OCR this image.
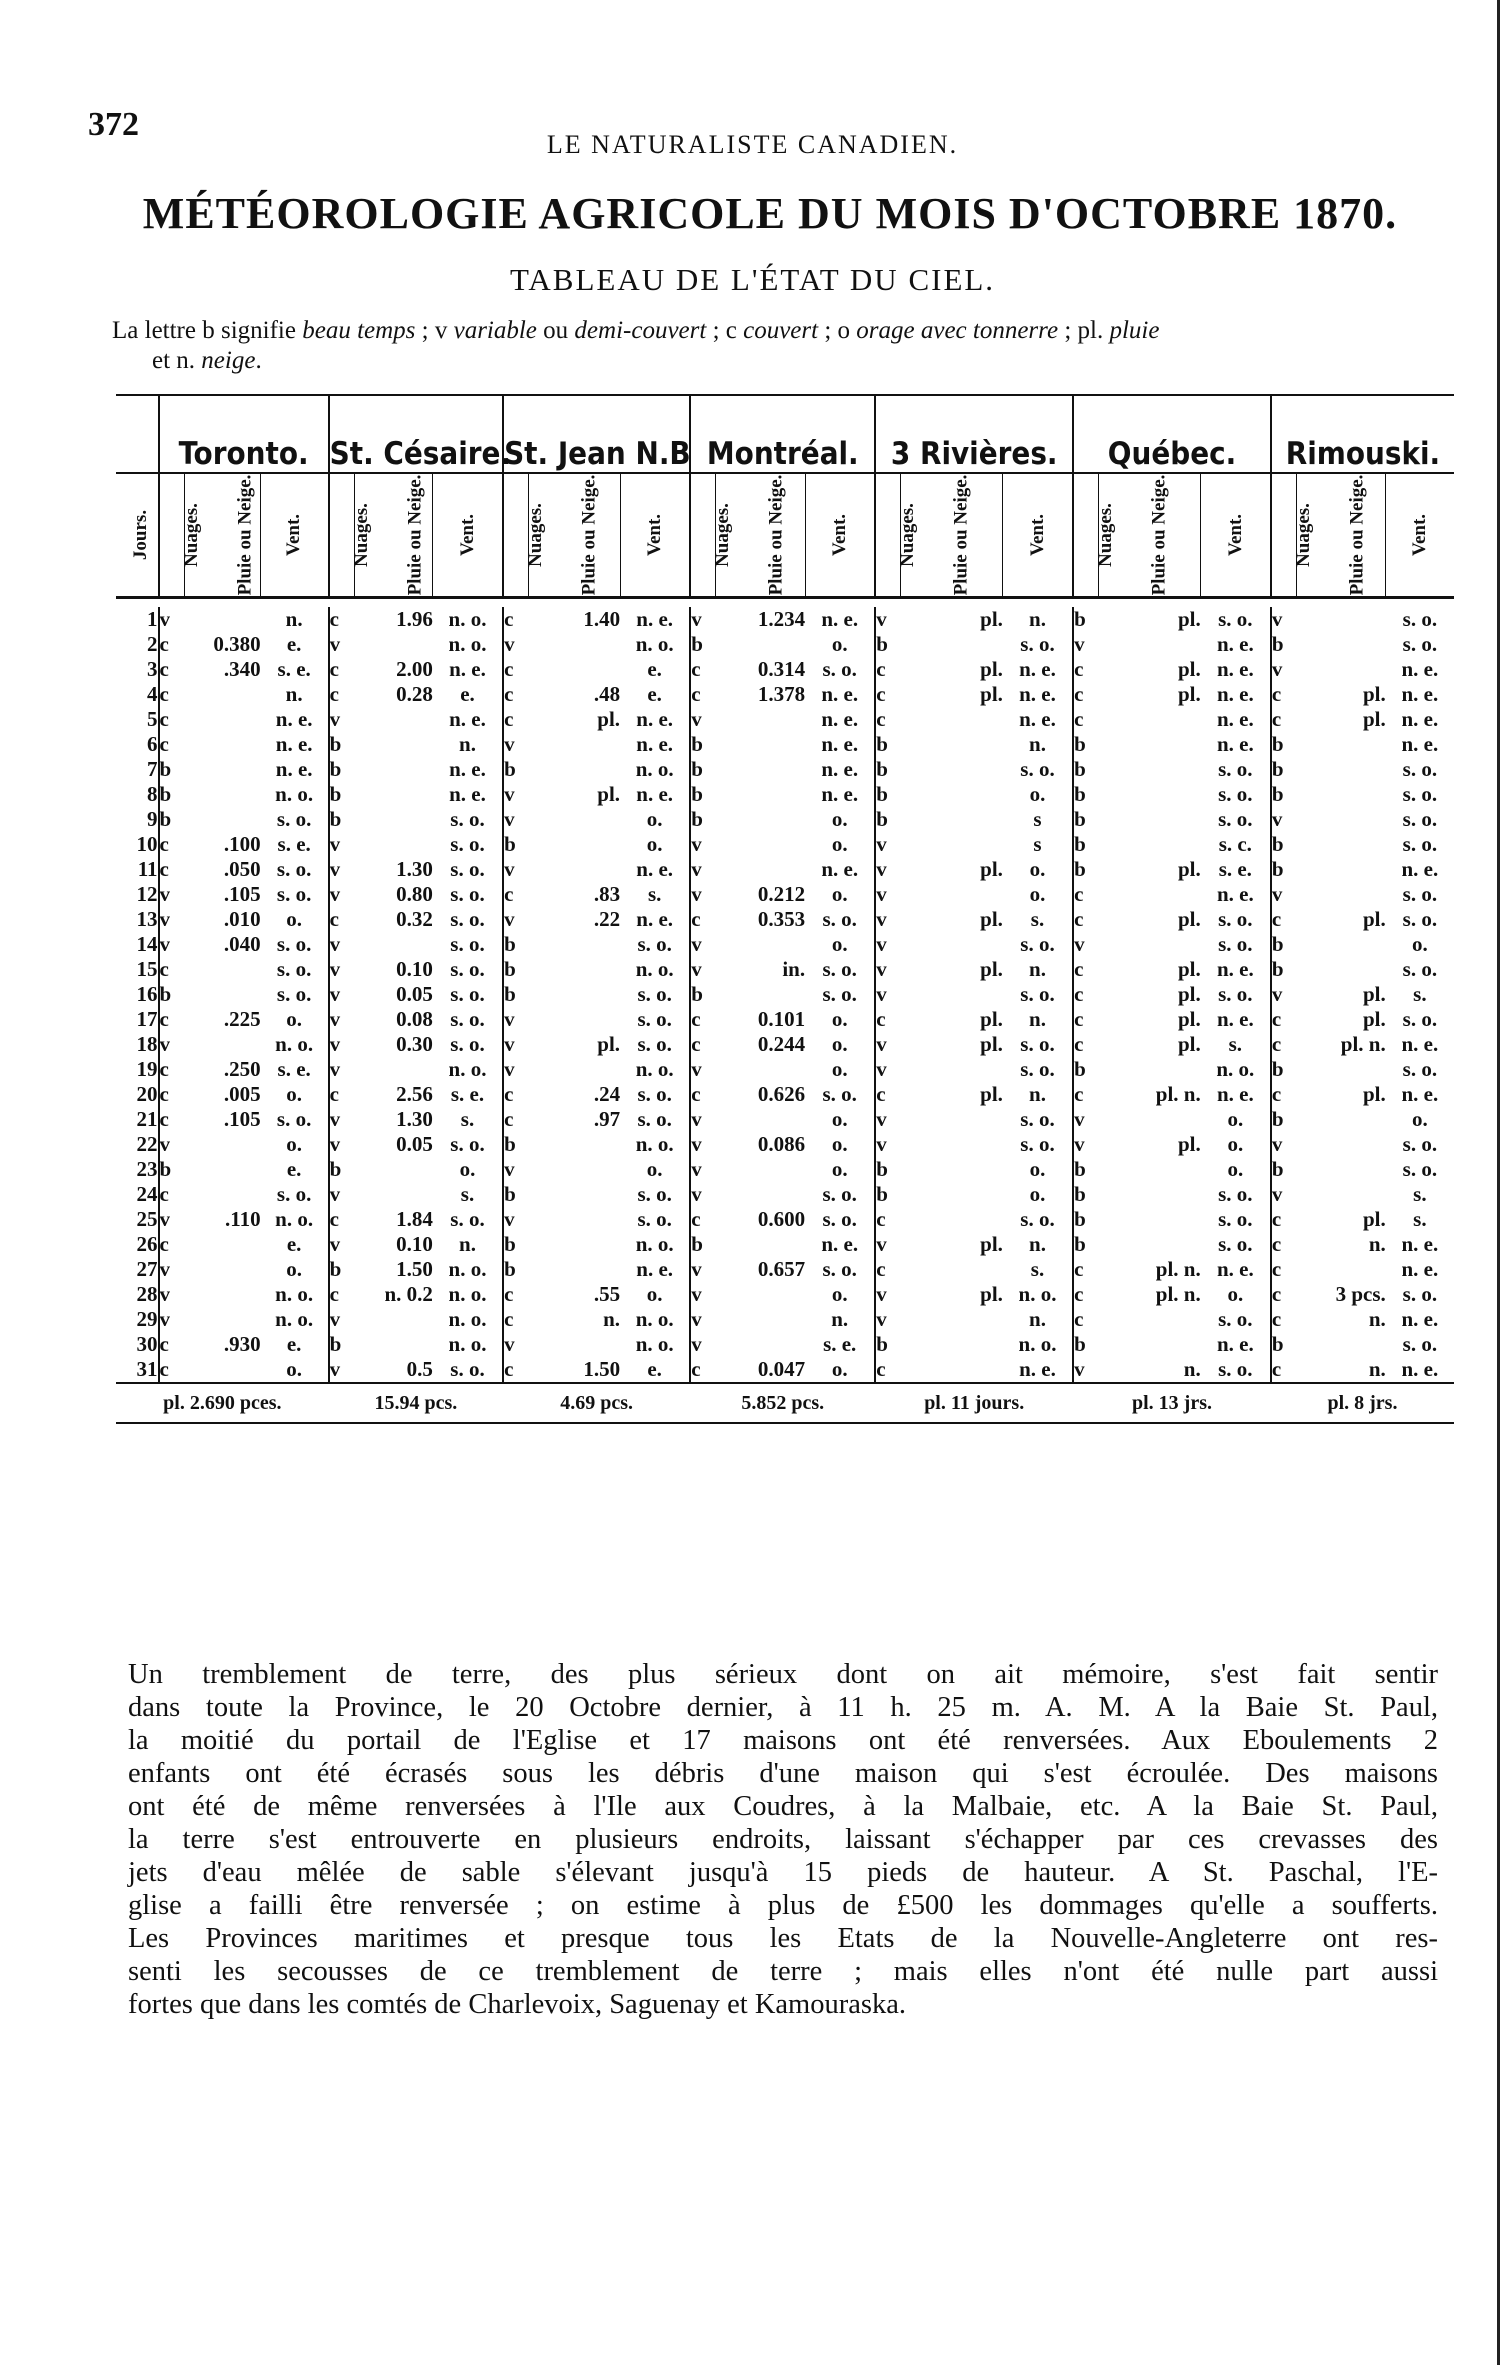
372
LE NATURALISTE CANADIEN.
MÉTÉOROLOGIE AGRICOLE DU MOIS D'OCTOBRE 1870.
TABLEAU DE L'ÉTAT DU CIEL.
La lettre b signifie beau temps ; v variable ou demi-couvert ; c couvert ; o orage avec tonnerre ; pl. pluie
et n. neige.
	Toronto.			St. Césaire.			St. Jean N.B			Montréal.			3 Rivières.			Québec.			Rimouski.		
Jours.	Nuages.	Pluie ou Neige.	Vent.	Nuages.	Pluie ou Neige.	Vent.	Nuages.	Pluie ou Neige.	Vent.	Nuages.	Pluie ou Neige.	Vent.	Nuages.	Pluie ou Neige.	Vent.	Nuages.	Pluie ou Neige.	Vent.	Nuages.	Pluie ou Neige.	Vent.

1	v		n.	c	1.96	n. o.	c	1.40	n. e.	v	1.234	n. e.	v	pl.	n.	b	pl.	s. o.	v		s. o.
2	c	0.380	e.	v		n. o.	v		n. o.	b		o.	b		s. o.	v		n. e.	b		s. o.
3	c	.340	s. e.	c	2.00	n. e.	c		e.	c	0.314	s. o.	c	pl.	n. e.	c	pl.	n. e.	v		n. e.
4	c		n.	c	0.28	e.	c	.48	e.	c	1.378	n. e.	c	pl.	n. e.	c	pl.	n. e.	c	pl.	n. e.
5	c		n. e.	v		n. e.	c	pl.	n. e.	v		n. e.	c		n. e.	c		n. e.	c	pl.	n. e.
6	c		n. e.	b		n.	v		n. e.	b		n. e.	b		n.	b		n. e.	b		n. e.
7	b		n. e.	b		n. e.	b		n. o.	b		n. e.	b		s. o.	b		s. o.	b		s. o.
8	b		n. o.	b		n. e.	v	pl.	n. e.	b		n. e.	b		o.	b		s. o.	b		s. o.
9	b		s. o.	b		s. o.	v		o.	b		o.	b		s	b		s. o.	v		s. o.
10	c	.100	s. e.	v		s. o.	b		o.	v		o.	v		s	b		s. c.	b		s. o.
11	c	.050	s. o.	v	1.30	s. o.	v		n. e.	v		n. e.	v	pl.	o.	b	pl.	s. e.	b		n. e.
12	v	.105	s. o.	v	0.80	s. o.	c	.83	s.	v	0.212	o.	v		o.	c		n. e.	v		s. o.
13	v	.010	o.	c	0.32	s. o.	v	.22	n. e.	c	0.353	s. o.	v	pl.	s.	c	pl.	s. o.	c	pl.	s. o.
14	v	.040	s. o.	v		s. o.	b		s. o.	v		o.	v		s. o.	v		s. o.	b		o.
15	c		s. o.	v	0.10	s. o.	b		n. o.	v	in.	s. o.	v	pl.	n.	c	pl.	n. e.	b		s. o.
16	b		s. o.	v	0.05	s. o.	b		s. o.	b		s. o.	v		s. o.	c	pl.	s. o.	v	pl.	s.
17	c	.225	o.	v	0.08	s. o.	v		s. o.	c	0.101	o.	c	pl.	n.	c	pl.	n. e.	c	pl.	s. o.
18	v		n. o.	v	0.30	s. o.	v	pl.	s. o.	c	0.244	o.	v	pl.	s. o.	c	pl.	s.	c	pl. n.	n. e.
19	c	.250	s. e.	v		n. o.	v		n. o.	v		o.	v		s. o.	b		n. o.	b		s. o.
20	c	.005	o.	c	2.56	s. e.	c	.24	s. o.	c	0.626	s. o.	c	pl.	n.	c	pl. n.	n. e.	c	pl.	n. e.
21	c	.105	s. o.	v	1.30	s.	c	.97	s. o.	v		o.	v		s. o.	v		o.	b		o.
22	v		o.	v	0.05	s. o.	b		n. o.	v	0.086	o.	v		s. o.	v	pl.	o.	v		s. o.
23	b		e.	b		o.	v		o.	v		o.	b		o.	b		o.	b		s. o.
24	c		s. o.	v		s.	b		s. o.	v		s. o.	b		o.	b		s. o.	v		s.
25	v	.110	n. o.	c	1.84	s. o.	v		s. o.	c	0.600	s. o.	c		s. o.	b		s. o.	c	pl.	s.
26	c		e.	v	0.10	n.	b		n. o.	b		n. e.	v	pl.	n.	b		s. o.	c	n.	n. e.
27	v		o.	b	1.50	n. o.	b		n. e.	v	0.657	s. o.	c		s.	c	pl. n.	n. e.	c		n. e.
28	v		n. o.	c	n. 0.2	n. o.	c	.55	o.	v		o.	v	pl.	n. o.	c	pl. n.	o.	c	3 pcs.	s. o.
29	v		n. o.	v		n. o.	c	n.	n. o.	v		n.	v		n.	c		s. o.	c	n.	n. e.
30	c	.930	e.	b		n. o.	v		n. o.	v		s. e.	b		n. o.	b		n. e.	b		s. o.
31	c		o.	v	0.5	s. o.	c	1.50	e.	c	0.047	o.	c		n. e.	v	n.	s. o.	c	n.	n. e.
pl. 2.690 pces.				15.94 pcs.			4.69 pcs.			5.852 pcs.			pl. 11 jours.			pl. 13 jrs.			pl. 8 jrs.		
Un tremblement de terre, des plus sérieux dont on ait mémoire, s'est fait sentir
dans toute la Province, le 20 Octobre dernier, à 11 h. 25 m. A. M. A la Baie St. Paul,
la moitié du portail de l'Eglise et 17 maisons ont été renversées. Aux Eboulements 2
enfants ont été écrasés sous les débris d'une maison qui s'est écroulée. Des maisons
ont été de même renversées à l'Ile aux Coudres, à la Malbaie, etc. A la Baie St. Paul,
la terre s'est entrouverte en plusieurs endroits, laissant s'échapper par ces crevasses des
jets d'eau mêlée de sable s'élevant jusqu'à 15 pieds de hauteur. A St. Paschal, l'E-
glise a failli être renversée ; on estime à plus de £500 les dommages qu'elle a soufferts.
Les Provinces maritimes et presque tous les Etats de la Nouvelle-Angleterre ont res-
senti les secousses de ce tremblement de terre ; mais elles n'ont été nulle part aussi
fortes que dans les comtés de Charlevoix, Saguenay et Kamouraska.
